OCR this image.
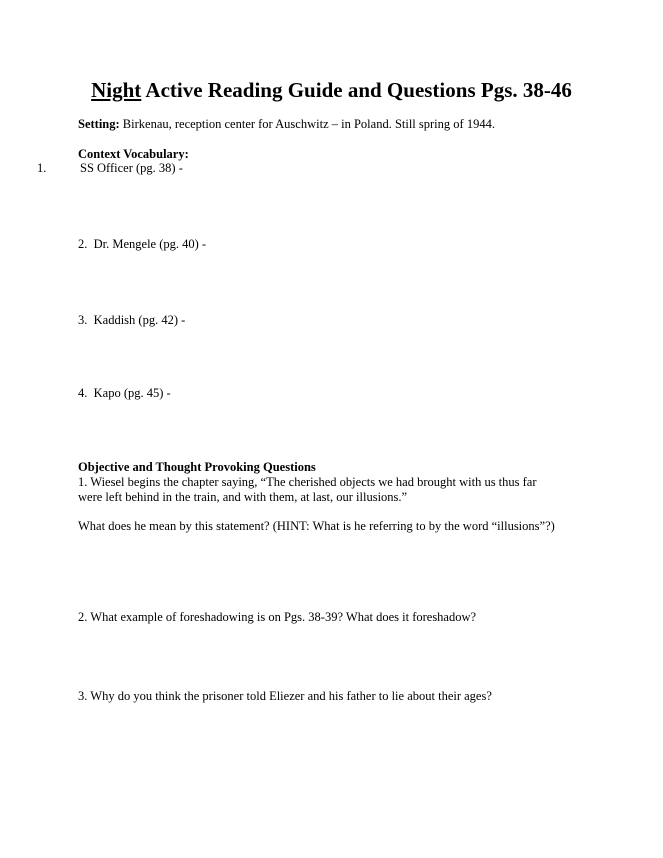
Night Active Reading Guide and Questions Pgs. 38-46
Setting: Birkenau, reception center for Auschwitz – in Poland. Still spring of 1944.
Context Vocabulary:
1.	SS Officer (pg. 38) -
2. Dr. Mengele (pg. 40) -
3. Kaddish (pg. 42) -
4. Kapo (pg. 45) -
Objective and Thought Provoking Questions
1. Wiesel begins the chapter saying, “The cherished objects we had brought with us thus far
were left behind in the train, and with them, at last, our illusions.”
What does he mean by this statement? (HINT: What is he referring to by the word “illusions”?)
2. What example of foreshadowing is on Pgs. 38-39? What does it foreshadow?
3. Why do you think the prisoner told Eliezer and his father to lie about their ages?
